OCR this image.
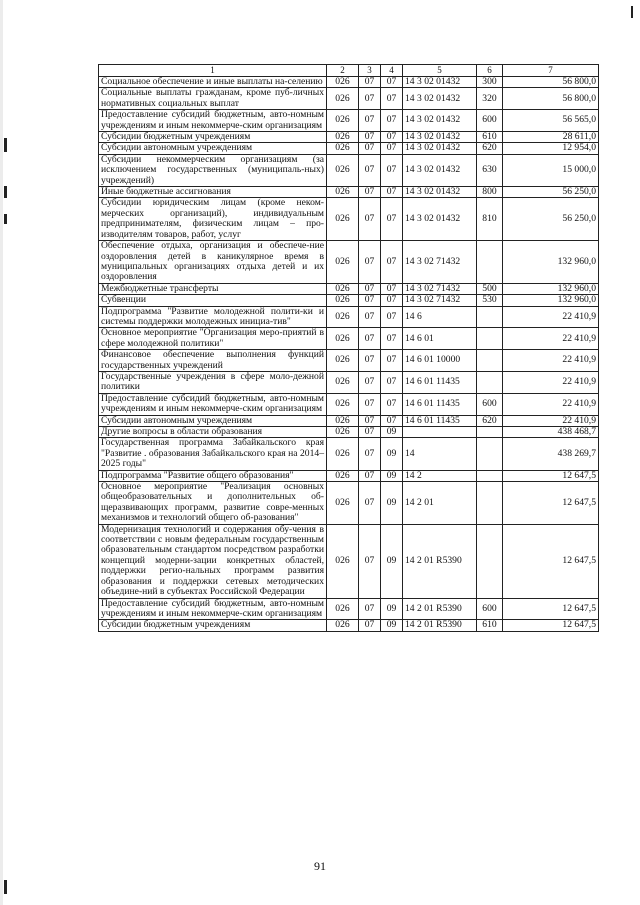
1	2	3	4	5	6	7
Социальное обеспечение и иные выплаты на-селению	026	07	07	14 3 02 01432	300	56 800,0
Социальные выплаты гражданам, кроме пуб-личных нормативных социальных выплат	026	07	07	14 3 02 01432	320	56 800,0
Предоставление субсидий бюджетным, авто-номным учреждениям и иным некоммерче-ским организациям	026	07	07	14 3 02 01432	600	56 565,0
Субсидии бюджетным учреждениям	026	07	07	14 3 02 01432	610	28 611,0
Субсидии автономным учреждениям	026	07	07	14 3 02 01432	620	12 954,0
Субсидии некоммерческим организациям (за исключением государственных (муниципаль-ных) учреждений)	026	07	07	14 3 02 01432	630	15 000,0
Иные бюджетные ассигнования	026	07	07	14 3 02 01432	800	56 250,0
Субсидии юридическим лицам (кроме неком-мерческих организаций), индивидуальным предпринимателям, физическим лицам – про-изводителям товаров, работ, услуг	026	07	07	14 3 02 01432	810	56 250,0
Обеспечение отдыха, организация и обеспече-ние оздоровления детей в каникулярное время в муниципальных организациях отдыха детей и их оздоровления	026	07	07	14 3 02 71432		132 960,0
Межбюджетные трансферты	026	07	07	14 3 02 71432	500	132 960,0
Субвенции	026	07	07	14 3 02 71432	530	132 960,0
Подпрограмма "Развитие молодежной полити-ки и системы поддержки молодежных инициа-тив"	026	07	07	14 6		22 410,9
Основное мероприятие "Организация меро-приятий в сфере молодежной политики"	026	07	07	14 6 01		22 410,9
Финансовое обеспечение выполнения функций государственных учреждений	026	07	07	14 6 01 10000		22 410,9
Государственные учреждения в сфере моло-дежной политики	026	07	07	14 6 01 11435		22 410,9
Предоставление субсидий бюджетным, авто-номным учреждениям и иным некоммерче-ским организациям	026	07	07	14 6 01 11435	600	22 410,9
Субсидии автономным учреждениям	026	07	07	14 6 01 11435	620	22 410,9
Другие вопросы в области образования	026	07	09			438 468,7
Государственная программа Забайкальского края "Развитие . образования Забайкальского края на 2014–2025 годы"	026	07	09	14		438 269,7
Подпрограмма "Развитие общего образования"	026	07	09	14 2		12 647,5
Основное мероприятие "Реализация основных общеобразовательных и дополнительных об-щеразвивающих программ, развитие совре-менных механизмов и технологий общего об-разования"	026	07	09	14 2 01		12 647,5
Модернизация технологий и содержания обу-чения в соответствии с новым федеральным государственным образовательным стандартом посредством разработки концепций модерни-зации конкретных областей, поддержки регио-нальных программ развития образования и поддержки сетевых методических объедине-ний в субъектах Российской Федерации	026	07	09	14 2 01 R5390		12 647,5
Предоставление субсидий бюджетным, авто-номным учреждениям и иным некоммерче-ским организациям	026	07	09	14 2 01 R5390	600	12 647,5
Субсидии бюджетным учреждениям	026	07	09	14 2 01 R5390	610	12 647,5
91
